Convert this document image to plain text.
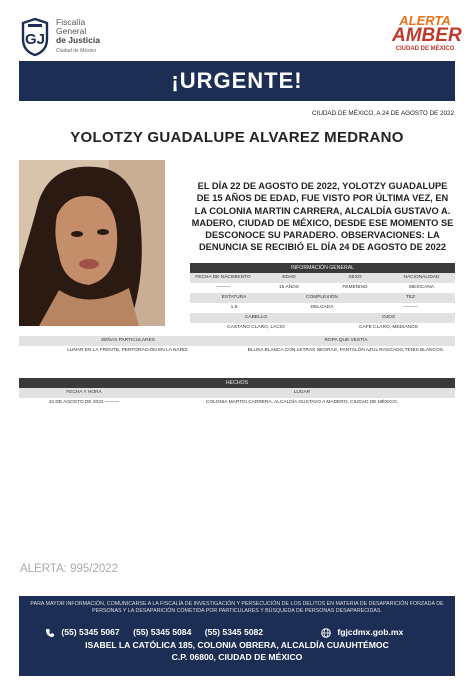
GJ
Fiscalía
General
de Justicia
Ciudad de México
ALERTA
AMBER
CIUDAD DE MÉXICO
¡URGENTE!
CIUDAD DE MÉXICO, A 24 DE AGOSTO DE 2022
YOLOTZY GUADALUPE ALVAREZ MEDRANO
EL DÍA 22 DE AGOSTO DE 2022, YOLOTZY GUADALUPE DE 15 AÑOS DE EDAD, FUE VISTO POR ÚLTIMA VEZ, EN LA COLONIA MARTIN CARRERA, ALCALDÍA GUSTAVO A. MADERO, CIUDAD DE MÉXICO, DESDE ESE MOMENTO SE DESCONOCE SU PARADERO. OBSERVACIONES: LA DENUNCIA SE RECIBIÓ EL DÍA 24 DE AGOSTO DE 2022
INFORMACIÓN GENERAL
FECHA DE NACIMIENTO	EDAD	SEXO	NACIONALIDAD
———	15 AÑOS	FEMENINO	MEXICANA
ESTATURA	COMPLEXIÓN	TEZ
1.5	DELGADA	———
CABELLO	OJOS
CASTAÑO CLARO, LACIO	CAFE CLARO, MEDIANOS
SEÑAS PARTICULARES	ROPA QUE VESTÍA
LUNAR EN LA FRENTE, PERFORACIÓN EN LA NARIZ.	BLUSA BLANCA CON LETRAS NEGRAS, PANTALÓN AZUL RASGADO,TENIS BLANCOS.
HECHOS
FECHA Y HORA	LUGAR
22 DE AGOSTO DE 2022 ———	COLONIA MARTIN CARRERA, ALCALDÍA GUSTAVO A MADERO, CIUDAD DE MÉXICO,
ALERTA: 995/2022
PARA MAYOR INFORMACIÓN, COMUNICARSE A LA FISCALÍA DE INVESTIGACIÓN Y PERSECUCIÓN DE LOS DELITOS EN MATERIA DE DESAPARICIÓN FORZADA DE PERSONAS Y LA DESAPARICIÓN COMETIDA POR PARTICULARES Y BÚSQUEDA DE PERSONAS DESAPARECIDAS.
(55) 5345 5067 (55) 5345 5084 (55) 5345 5082	fgjcdmx.gob.mx
ISABEL LA CATÓLICA 185, COLONIA OBRERA, ALCALDÍA CUAUHTÉMOC
C.P. 06800, CIUDAD DE MÉXICO
